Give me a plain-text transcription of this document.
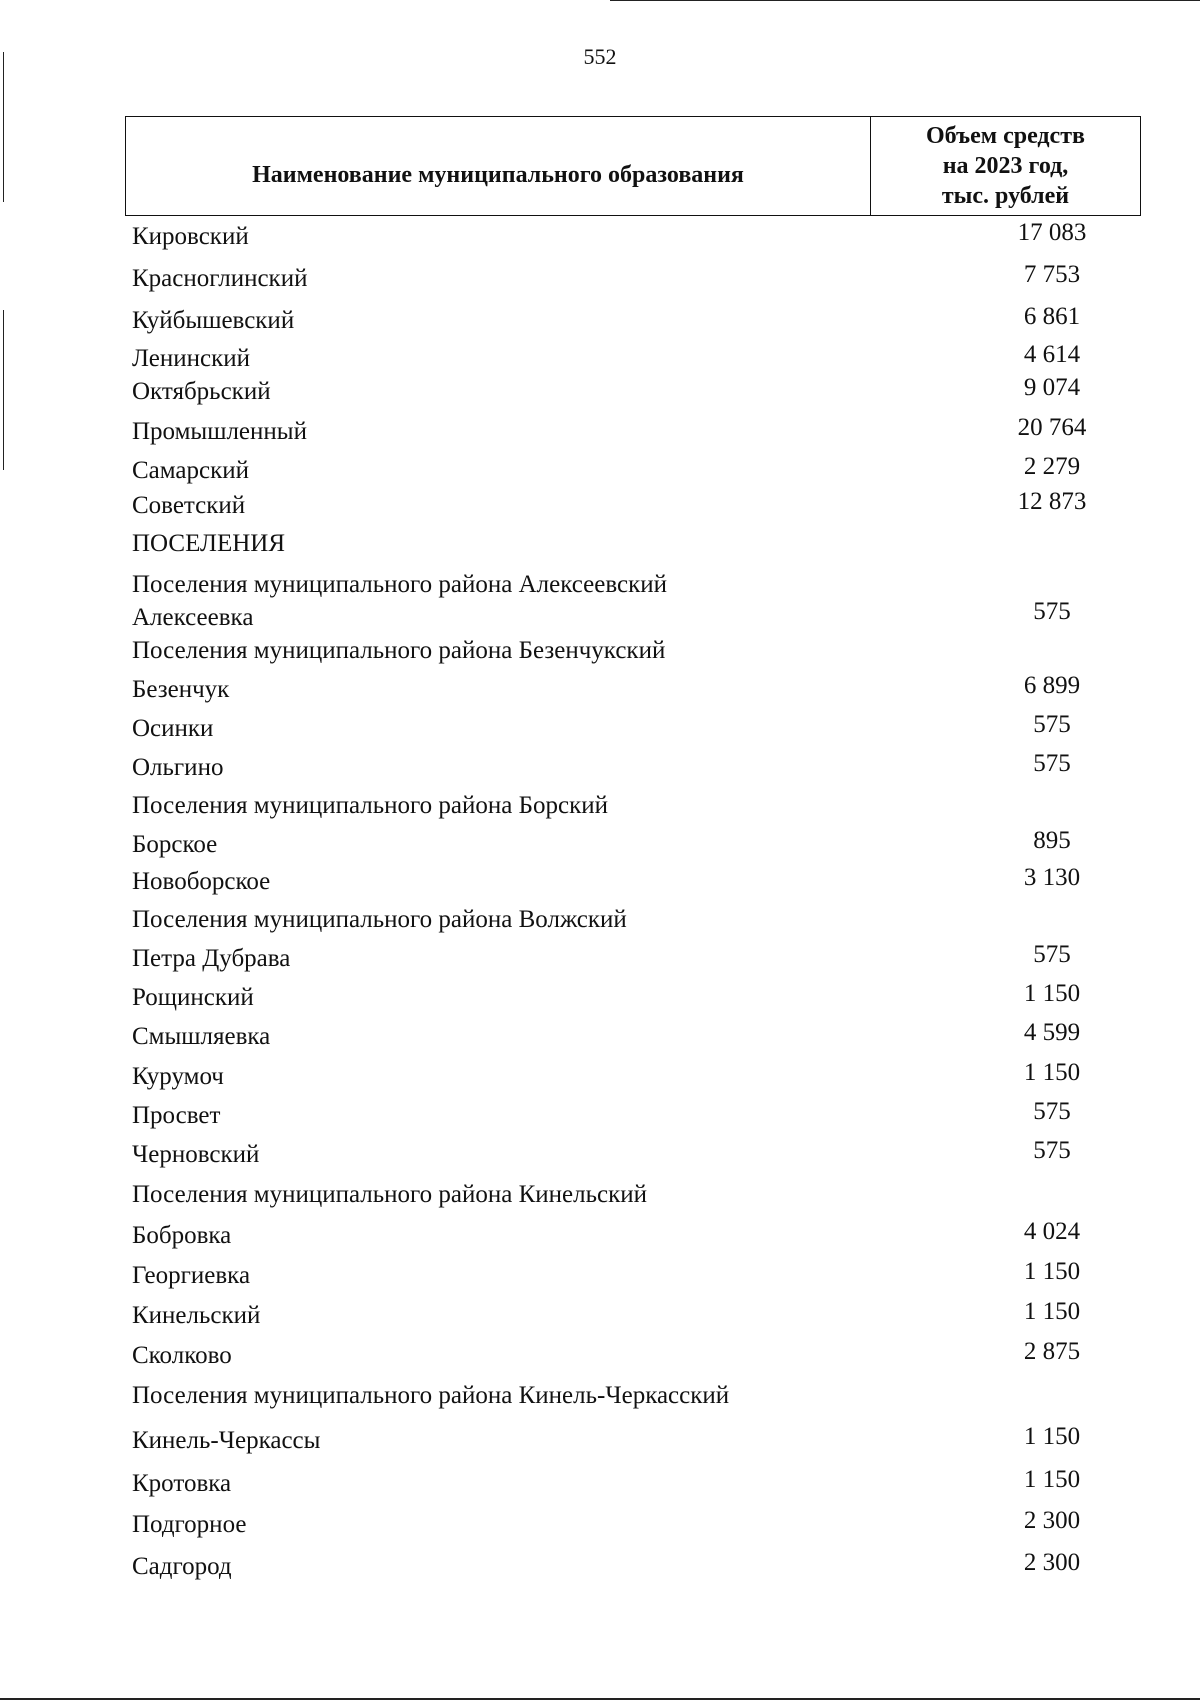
552
Наименование муниципального образования
Объем средств
на 2023 год,
тыс. рублей
Кировский	17 083
Красноглинский	7 753
Куйбышевский	6 861
Ленинский	4 614
Октябрьский	9 074
Промышленный	20 764
Самарский	2 279
Советский	12 873
ПОСЕЛЕНИЯ
Поселения муниципального района Алексеевский
Алексеевка	575
Поселения муниципального района Безенчукский
Безенчук	6 899
Осинки	575
Ольгино	575
Поселения муниципального района Борский
Борское	895
Новоборское	3 130
Поселения муниципального района Волжский
Петра Дубрава	575
Рощинский	1 150
Смышляевка	4 599
Курумоч	1 150
Просвет	575
Черновский	575
Поселения муниципального района Кинельский
Бобровка	4 024
Георгиевка	1 150
Кинельский	1 150
Сколково	2 875
Поселения муниципального района Кинель-Черкасский
Кинель-Черкассы	1 150
Кротовка	1 150
Подгорное	2 300
Садгород	2 300
